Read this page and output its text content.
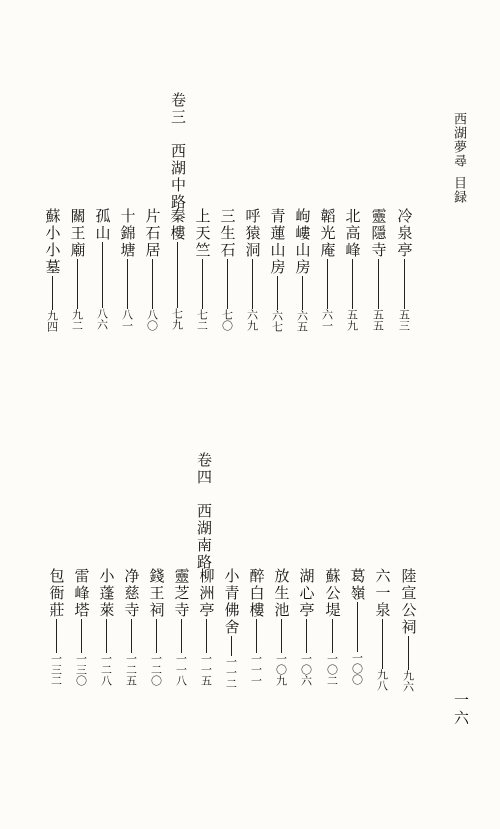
西湖夢尋
目録
卷三　西湖中路
卷四　西湖南路
一六
冷泉亭
五三
靈隱寺
五五
北高峰
五九
韜光庵
六一
岣嶁山房
六五
青蓮山房
六七
呼猿洞
六九
三生石
七〇
上天竺
七二
秦樓
七九
片石居
八〇
十錦塘
八一
孤山
八六
關王廟
九二
蘇小小墓
九四
陸宣公祠
九六
六一泉
九八
葛嶺
一〇〇
蘇公堤
一〇二
湖心亭
一〇六
放生池
一〇九
醉白樓
一一一
小青佛舍
一一二
柳洲亭
一一五
靈芝寺
一一八
錢王祠
一二〇
净慈寺
一二五
小蓬萊
一二八
雷峰塔
一三〇
包衙莊
一三二
